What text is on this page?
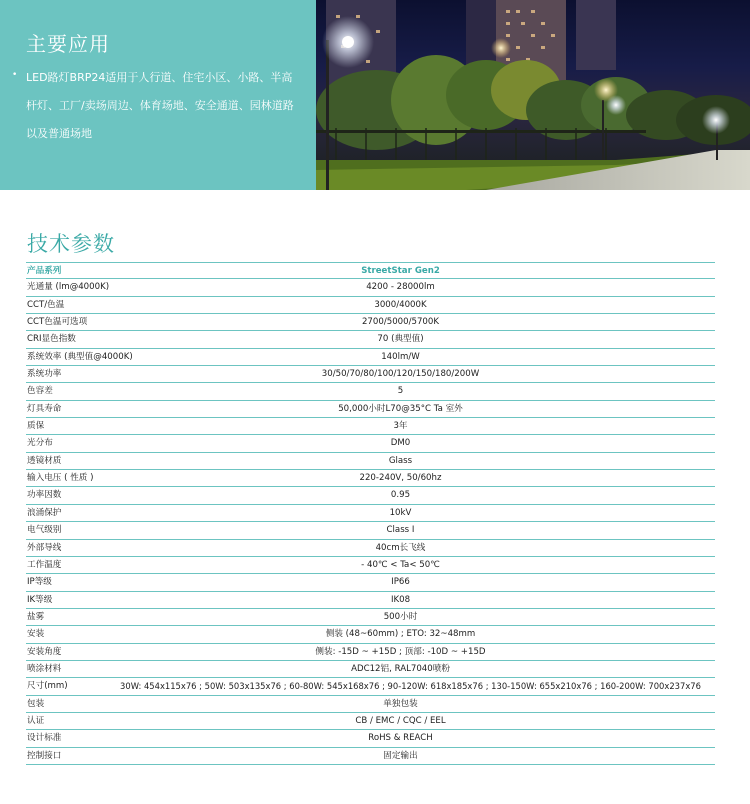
主要应用
• LED路灯BRP24适用于人行道、住宅小区、小路、半高杆灯、工厂/卖场周边、体育场地、安全通道、园林道路以及普通场地
技术参数
产品系列	StreetStar Gen2
光通量 (lm@4000K)	4200 - 28000lm
CCT/色温	3000/4000K
CCT色温可选项	2700/5000/5700K
CRI显色指数	70 (典型值)
系统效率 (典型值@4000K)	140lm/W
系统功率	30/50/70/80/100/120/150/180/200W
色容差	5
灯具寿命	50,000小时L70@35°C Ta 室外
质保	3年
光分布	DM0
透镜材质	Glass
输入电压 ( 性质 )	220-240V, 50/60hz
功率因数	0.95
浪涌保护	10kV
电气级别	Class I
外部导线	40cm长飞线
工作温度	- 40℃ < Ta< 50℃
IP等级	IP66
IK等级	IK08
盐雾	500小时
安装	侧装 (48~60mm) ; ETO: 32~48mm
安装角度	侧装: -15D ~ +15D ; 顶部: -10D ~ +15D
喷涂材料	ADC12铝, RAL7040喷粉
尺寸(mm)	30W: 454x115x76 ; 50W: 503x135x76 ; 60-80W: 545x168x76 ; 90-120W: 618x185x76 ; 130-150W: 655x210x76 ; 160-200W: 700x237x76
包装	单独包装
认证	CB / EMC / CQC / EEL
设计标准	RoHS & REACH
控制接口	固定输出
